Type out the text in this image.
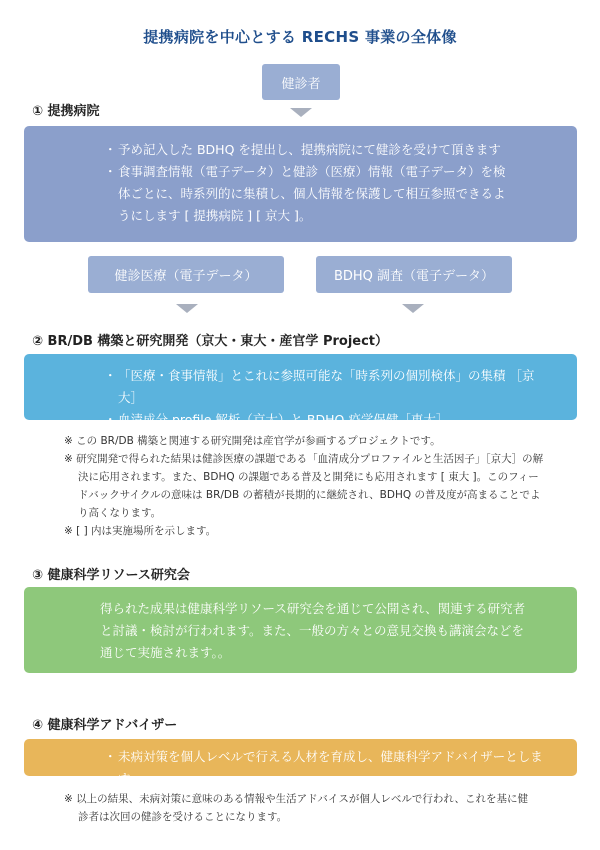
提携病院を中心とする RECHS 事業の全体像
健診者
① 提携病院
・ 予め記入した BDHQ を提出し、提携病院にて健診を受けて頂きます
・ 食事調査情報（電子データ）と健診（医療）情報（電子データ）を検体ごとに、時系列的に集積し、個人情報を保護して相互参照できるようにします [ 提携病院 ] [ 京大 ]。
健診医療（電子データ）	BDHQ 調査（電子データ）
② BR/DB 構築と研究開発（京大・東大・産官学 Project）
・ 「医療・食事情報」とこれに参照可能な「時系列の個別検体」の集積 ［京大］
・ 血清成分 profile 解析（京大）と BDHQ 疫学保健［東大］

※ この BR/DB 構築と関連する研究開発は産官学が参画するプロジェクトです。

※ 研究開発で得られた結果は健診医療の課題である「血清成分プロファイルと生活因子」［京大］の解決に応用されます。また、BDHQ の課題である普及と開発にも応用されます [ 東大 ]。このフィードバックサイクルの意味は BR/DB の蓄積が長期的に継続され、BDHQ の普及度が高まることでより高くなります。

※ [ ] 内は実施場所を示します。

③ 健康科学リソース研究会
得られた成果は健康科学リソース研究会を通じて公開され、関連する研究者と討議・検討が行われます。また、一般の方々との意見交換も講演会などを通じて実施されます。。
④ 健康科学アドバイザー
・ 未病対策を個人レベルで行える人材を育成し、健康科学アドバイザーとします。

※ 以上の結果、未病対策に意味のある情報や生活アドバイスが個人レベルで行われ、これを基に健診者は次回の健診を受けることになります。
